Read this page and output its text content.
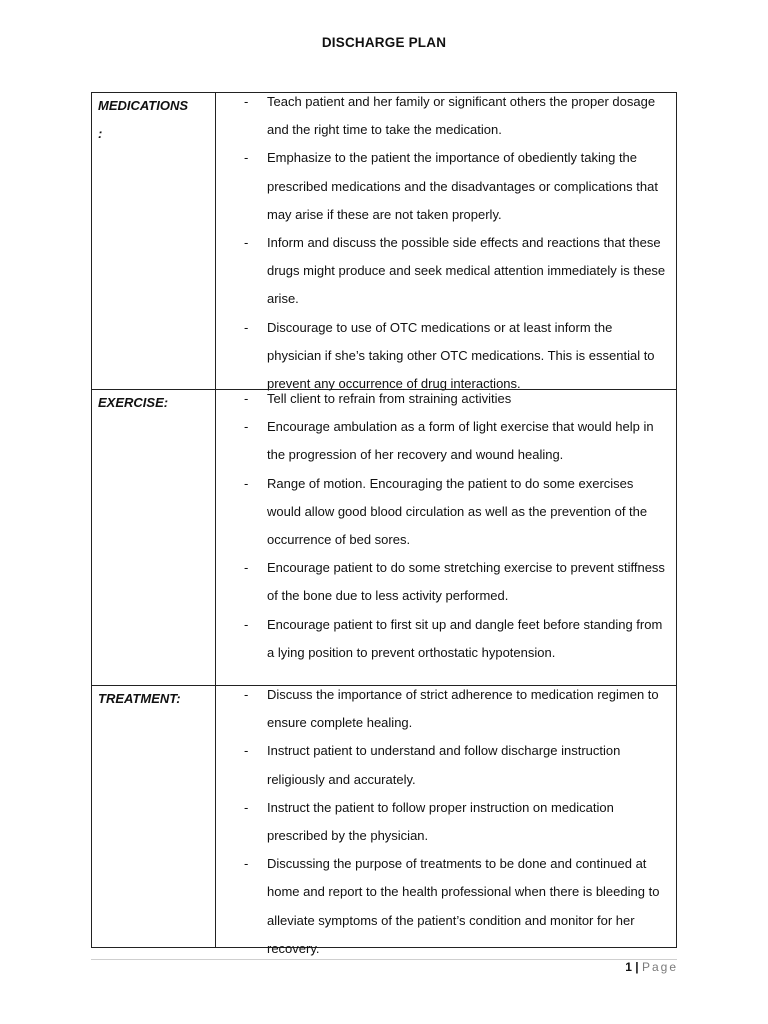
DISCHARGE PLAN
MEDICATIONS
:
- Teach patient and her family or significant others the proper dosage and the right time to take the medication.
- Emphasize to the patient the importance of obediently taking the prescribed medications and the disadvantages or complications that may arise if these are not taken properly.
- Inform and discuss the possible side effects and reactions that these drugs might produce and seek medical attention immediately is these arise.
- Discourage to use of OTC medications or at least inform the physician if she’s taking other OTC medications. This is essential to prevent any occurrence of drug interactions.
EXERCISE:	- Tell client to refrain from straining activities
- Encourage ambulation as a form of light exercise that would help in the progression of her recovery and wound healing.
- Range of motion. Encouraging the patient to do some exercises would allow good blood circulation as well as the prevention of the occurrence of bed sores.
- Encourage patient to do some stretching exercise to prevent stiffness of the bone due to less activity performed.
- Encourage patient to first sit up and dangle feet before standing from a lying position to prevent orthostatic hypotension.
TREATMENT:	- Discuss the importance of strict adherence to medication regimen to ensure complete healing.
- Instruct patient to understand and follow discharge instruction religiously and accurately.
- Instruct the patient to follow proper instruction on medication prescribed by the physician.
- Discussing the purpose of treatments to be done and continued at home and report to the health professional when there is bleeding to alleviate symptoms of the patient’s condition and monitor for her recovery.
1 | Page
